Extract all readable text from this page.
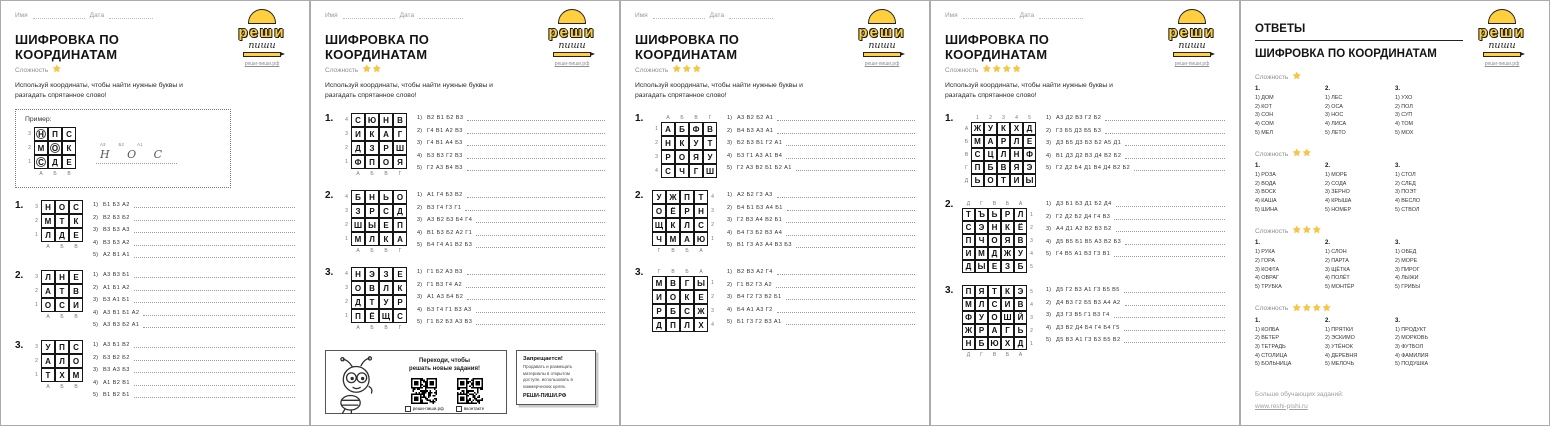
Имя	Дата
ШИФРОВКА ПО КООРДИНАТАМ
Сложность ★
Используй координаты, чтобы найти нужные буквы и разгадать спрятанное слово!
реши
пиши
реши-пиши.рф
Пример:
3 Н	П	С
2 М О	К
1 С	Д	Е
А	Б	В
А3	Б2	А1
Н О С
1.	3 Н О	С
2 М	Т	К
1 Л	Д	Е
А	Б	В
1) Б1 Б3 А2
2) В2 Б3 Б2
3) В3 Б3 А3
4) В3 Б3 А2
5) А2 В1 А1
2.	3 Л	Н	Е
2 А	Т	В
1 О	С	И
А	Б	В
1) А3 В3 Б1
2) А1 Б1 А2
3) Б3 А1 Б1
4) А3 В1 Б1 А2
5) А3 В3 Б2 А1
3.	3 У	П	С
2 А	Л	О
1 Т	Х М
А	Б	В
1) А3 Б1 В2
2) Б3 В2 Б2
3) В3 А3 Б3
4) А1 В2 В1
5) В1 В2 Б1
Имя	Дата
ШИФРОВКА ПО КООРДИНАТАМ
Сложность ★★
Используй координаты, чтобы найти нужные буквы и разгадать спрятанное слово!
реши
пиши
реши-пиши.рф
1.	4 С Ю Н	В
3 И	К	А	Г
2 Д	З	Р Ш
1 Ф П	О	Я
А	Б	В	Г
1) В2 В1 Б2 В3
2) Г4 В1 А2 В3
3) Г4 В1 А4 Б3
4) Б3 В3 Г2 В3
5) Г2 А3 В4 В3
2.	4 Б	Н	Ь	О
3 З	Р	С	Д
2 Ш Ы Е	П
1 М Л	К	А
А	Б	В	Г
1) А1 Г4 Б3 В2
2) В3 Г4 Г3 Г1
3) А3 В2 Б3 Б4 Г4
4) В1 Б3 Б2 А2 Г1
5) Б4 Г4 А1 В2 Б3
3.	4 Н	Э	З	Е
3 О	В	Л	К
2 Д	Т	У	Р
1 П	Ё Щ С
А	Б	В	Г
1) Г1 Б2 А3 В3
2) Г1 В3 Г4 А2
3) А1 А3 Б4 Б2
4) Б3 Г4 Г1 В3 А3
5) Г1 Б2 Б3 А3 В3
Переходи, чтобы
решать новые задания!
реши-пиши.рф	вконтакте
Запрещается!
Продавать и размещать материалы в открытом доступе, использовать в коммерческих целях.
РЕШИ-ПИШИ.РФ
Имя	Дата
ШИФРОВКА ПО КООРДИНАТАМ
Сложность ★★★
Используй координаты, чтобы найти нужные буквы и разгадать спрятанное слово!
реши
пиши
реши-пиши.рф
1.	А	Б	В	Г
1 А	Б Ф В
2 Н	К	У	Т
3 Р	О	Я	У
4 С	Ч	Г Ш
1) А3 В2 Б2 А1
2) В4 Б3 А3 А1
3) Б2 Б3 В1 Г2 А1
4) Б3 Г1 А3 А1 В4
5) Г2 А3 В2 Б1 Б2 А1
2.	У Ж П	Т	4
О	Ё	Р	Н	3
Щ К	Л	С	2
Ч М А Ю	1
Г	В	Б	А
1) А2 Б2 Г3 А3
2) Б4 Б1 Б3 А4 Б1
3) Г2 В3 А4 В2 Б1
4) Б4 Г3 Б2 В3 А4
5) В1 Г3 А3 А4 В3 Б3
3.	Г	В	Б	А
М В	Г Ы	1
И	О	К	Е	2
Р	Б	С Ж	3
Д	П	Л	Х	4
1) В2 В3 А2 Г4
2) Г1 В2 Г3 А2
3) В4 Г2 Г3 В2 Б1
4) Б4 А1 А3 Г2
5) Б1 Г3 Г2 В3 А1
Имя	Дата
ШИФРОВКА ПО КООРДИНАТАМ
Сложность ★★★★
Используй координаты, чтобы найти нужные буквы и разгадать спрятанное слово!
реши
пиши
реши-пиши.рф
1.	1	2	3	4	5
А Ж У	К Х Д
Б М А Р Л Е
В С Ц Л Н Ф
Г П Б В Я Э
Д Ь О Т И Ы
1) А3 Д2 В3 Г2 Б2
2) Г3 Б5 Д3 Б5 Б3
3) Д3 Б5 Д3 Б3 Б2 А5 Д1
4) В1 Д3 Д2 В3 Д4 В2 Б2
5) Г2 Д2 Б4 Д1 В4 Д4 В2 Б2
2.	Д	Г	В	Б	А
Т Ъ Ь Р Л	1
С Э Н К Ё	2
П Ч О Я В	3
И М Д Ж У	4
Д Ы Е З Б	5
1) Д3 Б1 Б3 Д1 Б2 Д4
2) Г2 Д2 Б2 Д4 Г4 В3
3) А4 Д1 А2 В2 В3 Б2
4) Д5 В5 Б1 В5 А3 В2 Б3
5) Г4 В5 А1 В3 Г3 В1
3.	П Я Т	К Э	5
М Л С И В	4
Ф У О Ш Й	3
Ж Р А Г Ь	2
Н Б Ю Х Д	1
Д	Г	В	Б	А
1) Д5 Г2 В3 А1 Г3 Б5 В5
2) Д4 В3 Г2 Б5 В3 А4 А2
3) Д3 Г3 В5 Г1 В3 Г4
4) Д3 В2 Д4 Б4 Г4 Б4 Г5
5) Д5 В3 А1 Г3 Б3 Б5 В2
ОТВЕТЫ
ШИФРОВКА ПО КООРДИНАТАМ
Сложность ★
1.
1) ДОМ
2) КОТ
3) СОН
4) СОМ
5) МЕЛ
2.
1) ЛЕС
2) ОСА
3) НОС
4) ЛИСА
5) ЛЕТО
3.
1) УХО
2) ПОЛ
3) СУП
4) ТОМ
5) МОХ
Сложность ★★
1.
1) РОЗА
2) ВОДА
3) ВОСК
4) КАША
5) ШИНА
2.
1) МОРЕ
2) СОДА
3) ЗЕРНО
4) КРЫША
5) НОМЕР
3.
1) СТОЛ
2) СЛЕД
3) ПОЭТ
4) ВЕСЛО
5) СТВОЛ
Сложность ★★★
1.
1) РУКА
2) ГОРА
3) КОФТА
4) ОВРАГ
5) ТРУБКА
2.
1) СЛОН
2) ПАРТА
3) ЩЁТКА
4) ПОЛЁТ
5) МОНТЁР
3.
1) ОБЕД
2) МОРЕ
3) ПИРОГ
4) ЛЫЖИ
5) ГРИБЫ
Сложность ★★★★
1.
1) КОЛБА
2) ВЕТЕР
3) ТЕТРАДЬ
4) СТОЛИЦА
5) БОЛЬНИЦА
2.
1) ПРЯТКИ
2) ЭСКИМО
3) УТЁНОК
4) ДЕРЕВНЯ
5) МЕЛОЧЬ
3.
1) ПРОДУКТ
2) МОРКОВЬ
3) ФУТБОЛ
4) ФАМИЛИЯ
5) ПОДУШКА
Больше обучающих заданий:
www.reshi-pishi.ru
реши
пиши
реши-пиши.рф
